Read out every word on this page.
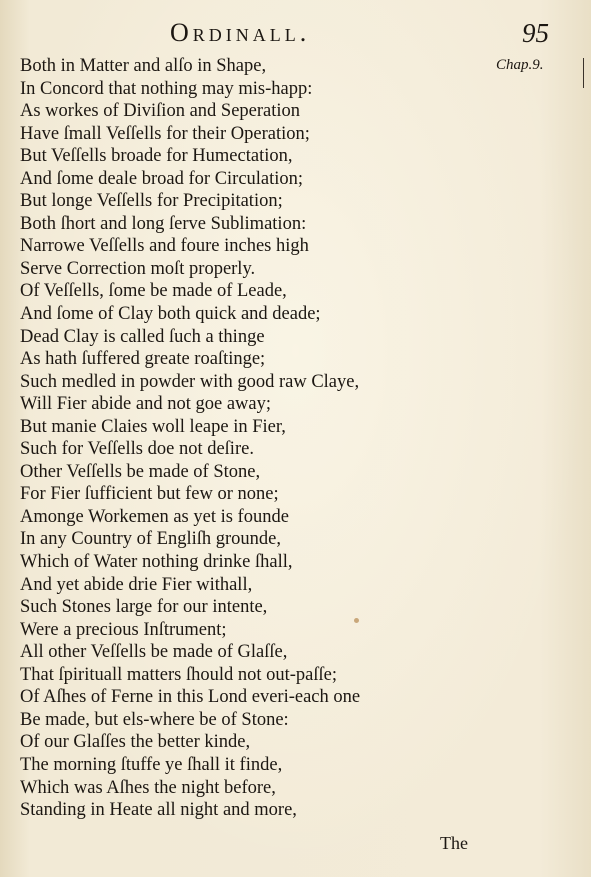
Ordinall.	95
Chap.9.
Both in Matter and alſo in Shape,
In Concord that nothing may mis-happ:
As workes of Diviſion and Seperation
Have ſmall Veſſells for their Operation;
But Veſſells broade for Humectation,
And ſome deale broad for Circulation;
But longe Veſſells for Precipitation;
Both ſhort and long ſerve Sublimation:
Narrowe Veſſells and foure inches high
Serve Correction moſt properly.
Of Veſſells, ſome be made of Leade,
And ſome of Clay both quick and deade;
Dead Clay is called ſuch a thinge
As hath ſuffered greate roaſtinge;
Such medled in powder with good raw Claye,
Will Fier abide and not goe away;
But manie Claies woll leape in Fier,
Such for Veſſells doe not deſire.
Other Veſſells be made of Stone,
For Fier ſufficient but few or none;
Amonge Workemen as yet is founde
In any Country of Engliſh grounde,
Which of Water nothing drinke ſhall,
And yet abide drie Fier withall,
Such Stones large for our intente,
Were a precious Inſtrument;
All other Veſſells be made of Glaſſe,
That ſpirituall matters ſhould not out-paſſe;
Of Aſhes of Ferne in this Lond everi-each one
Be made, but els-where be of Stone:
Of our Glaſſes the better kinde,
The morning ſtuffe ye ſhall it finde,
Which was Aſhes the night before,
Standing in Heate all night and more,
The
